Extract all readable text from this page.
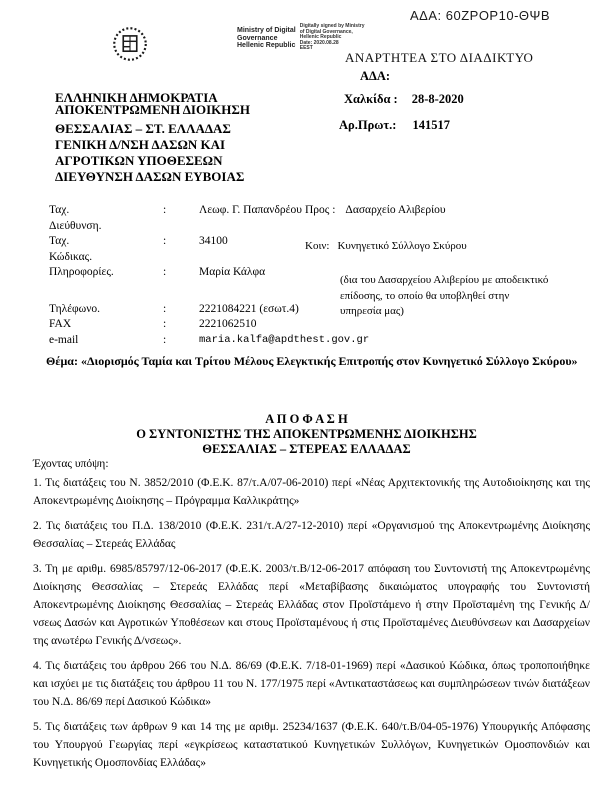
ΑΔΑ: 60ΖΡΟΡ10-ΘΨΒ
Ministry of Digital
Governance
Hellenic Republic
Digitally signed by Ministry
of Digital Governance,
Hellenic Republic
Date: 2020.08.28
EEST
ΑΝΑΡΤΗΤΕΑ ΣΤΟ ΔΙΑΔΙΚΤΥΟ
ΑΔΑ:
ΕΛΛΗΝΙΚΗ ΔΗΜΟΚΡΑΤΙΑ
ΑΠΟΚΕΝΤΡΩΜΕΝΗ ΔΙΟΙΚΗΣΗ
ΘΕΣΣΑΛΙΑΣ – ΣΤ. ΕΛΛΑΔΑΣ
ΓΕΝΙΚΗ Δ/ΝΣΗ ΔΑΣΩΝ ΚΑΙ
ΑΓΡΟΤΙΚΩΝ ΥΠΟΘΕΣΕΩΝ
ΔΙΕΥΘΥΝΣΗ ΔΑΣΩΝ ΕΥΒΟΙΑΣ
Χαλκίδα : 28-8-2020
Αρ.Πρωτ.: 141517
Ταχ. Διεύθυνση.
:	Λεωφ. Γ. Παπανδρέου
Ταχ. Κώδικας.
:	34100
Πληροφορίες.	:	Μαρία Κάλφα
Τηλέφωνο.	:	2221084221 (εσωτ.4)
FAX	:	2221062510
e-mail	:	maria.kalfa@apdthest.gov.gr
Προς : Δασαρχείο Αλιβερίου
Κοιν: Κυνηγετικό Σύλλογο Σκύρου
(δια του Δασαρχείου Αλιβερίου με αποδεικτικό επίδοσης, το οποίο θα υποβληθεί στην υπηρεσία μας)
Θέμα: «Διορισμός Ταμία και Τρίτου Μέλους Ελεγκτικής Επιτροπής στον Κυνηγετικό Σύλλογο Σκύρου»
Α Π Ο Φ Α Σ Η
Ο ΣΥΝΤΟΝΙΣΤΗΣ ΤΗΣ ΑΠΟΚΕΝΤΡΩΜΕΝΗΣ ΔΙΟΙΚΗΣΗΣ
ΘΕΣΣΑΛΙΑΣ – ΣΤΕΡΕΑΣ ΕΛΛΑΔΑΣ
Έχοντας υπόψη:

1. Τις διατάξεις του Ν. 3852/2010 (Φ.Ε.Κ. 87/τ.Α/07-06-2010) περί «Νέας Αρχιτεκτονικής της Αυτοδιοίκησης και της Αποκεντρωμένης Διοίκησης – Πρόγραμμα Καλλικράτης»

2. Τις διατάξεις του Π.Δ. 138/2010 (Φ.Ε.Κ. 231/τ.Α/27-12-2010) περί «Οργανισμού της Αποκεντρωμένης Διοίκησης Θεσσαλίας – Στερεάς Ελλάδας

3. Τη με αριθμ. 6985/85797/12-06-2017 (Φ.Ε.Κ. 2003/τ.Β/12-06-2017 απόφαση του Συντονιστή της Αποκεντρωμένης Διοίκησης Θεσσαλίας – Στερεάς Ελλάδας περί «Μεταβίβασης δικαιώματος υπογραφής του Συντονιστή Αποκεντρωμένης Διοίκησης Θεσσαλίας – Στερεάς Ελλάδας στον Προϊστάμενο ή στην Προϊσταμένη της Γενικής Δ/νσεως Δασών και Αγροτικών Υποθέσεων και στους Προϊσταμένους ή στις Προϊσταμένες Διευθύνσεων και Δασαρχείων της ανωτέρω Γενικής Δ/νσεως».

4. Τις διατάξεις του άρθρου 266 του Ν.Δ. 86/69 (Φ.Ε.Κ. 7/18-01-1969) περί «Δασικού Κώδικα, όπως τροποποιήθηκε και ισχύει με τις διατάξεις του άρθρου 11 του Ν. 177/1975 περί «Αντικαταστάσεως και συμπληρώσεων τινών διατάξεων του Ν.Δ. 86/69 περί Δασικού Κώδικα»

5. Τις διατάξεις των άρθρων 9 και 14 της με αριθμ. 25234/1637 (Φ.Ε.Κ. 640/τ.Β/04-05-1976) Υπουργικής Απόφασης του Υπουργού Γεωργίας περί «εγκρίσεως καταστατικού Κυνηγετικών Συλλόγων, Κυνηγετικών Ομοσπονδιών και Κυνηγετικής Ομοσπονδίας Ελλάδας»
